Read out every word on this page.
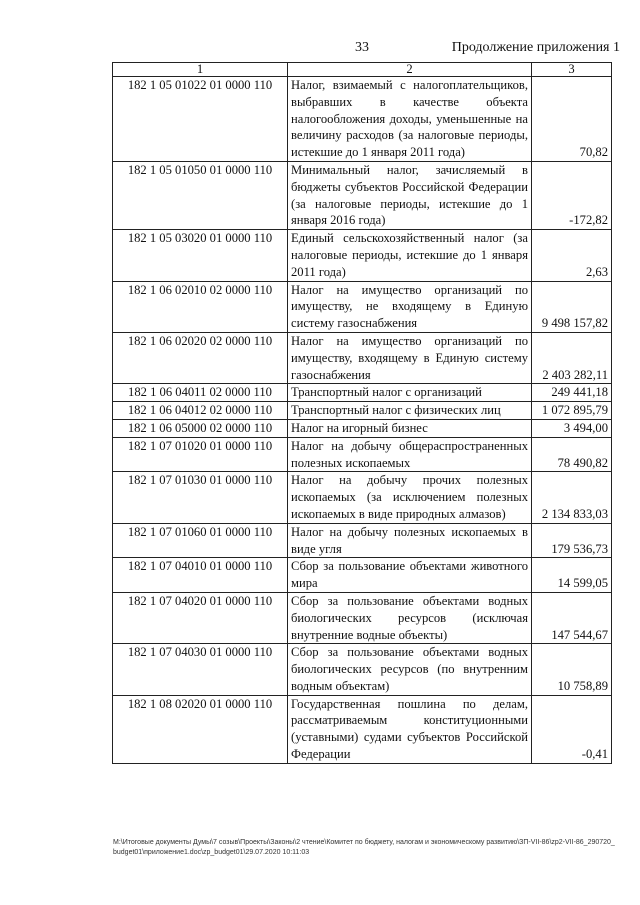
33	Продолжение приложения 1
1	2	3
182 1 05 01022 01 0000 110	Налог, взимаемый с налогоплательщиков, выбравших в качестве объекта налогообложения доходы, уменьшенные на величину расходов (за налоговые периоды, истекшие до 1 января 2011 года)	70,82
182 1 05 01050 01 0000 110	Минимальный налог, зачисляемый в бюджеты субъектов Российской Федерации (за налоговые периоды, истекшие до 1 января 2016 года)	-172,82
182 1 05 03020 01 0000 110	Единый сельскохозяйственный налог (за налоговые периоды, истекшие до 1 января 2011 года)	2,63
182 1 06 02010 02 0000 110	Налог на имущество организаций по имуществу, не входящему в Единую систему газоснабжения	9 498 157,82
182 1 06 02020 02 0000 110	Налог на имущество организаций по имуществу, входящему в Единую систему газоснабжения	2 403 282,11
182 1 06 04011 02 0000 110	Транспортный налог с организаций	249 441,18
182 1 06 04012 02 0000 110	Транспортный налог с физических лиц	1 072 895,79
182 1 06 05000 02 0000 110	Налог на игорный бизнес	3 494,00
182 1 07 01020 01 0000 110	Налог на добычу общераспространенных полезных ископаемых	78 490,82
182 1 07 01030 01 0000 110	Налог на добычу прочих полезных ископаемых (за исключением полезных ископаемых в виде природных алмазов)	2 134 833,03
182 1 07 01060 01 0000 110	Налог на добычу полезных ископаемых в виде угля	179 536,73
182 1 07 04010 01 0000 110	Сбор за пользование объектами животного мира	14 599,05
182 1 07 04020 01 0000 110	Сбор за пользование объектами водных биологических ресурсов (исключая внутренние водные объекты)	147 544,67
182 1 07 04030 01 0000 110	Сбор за пользование объектами водных биологических ресурсов (по внутренним водным объектам)	10 758,89
182 1 08 02020 01 0000 110	Государственная пошлина по делам, рассматриваемым конституционными (уставными) судами субъектов Российской Федерации	-0,41
M:\Итоговые документы Думы\7 созыв\Проекты\Законы\2 чтение\Комитет по бюджету, налогам и экономическому развитию\ЗП-VII-86\zp2-VII-86_290720_budget01\приложение1.doc\zp_budget01\29.07.2020 10:11:03
